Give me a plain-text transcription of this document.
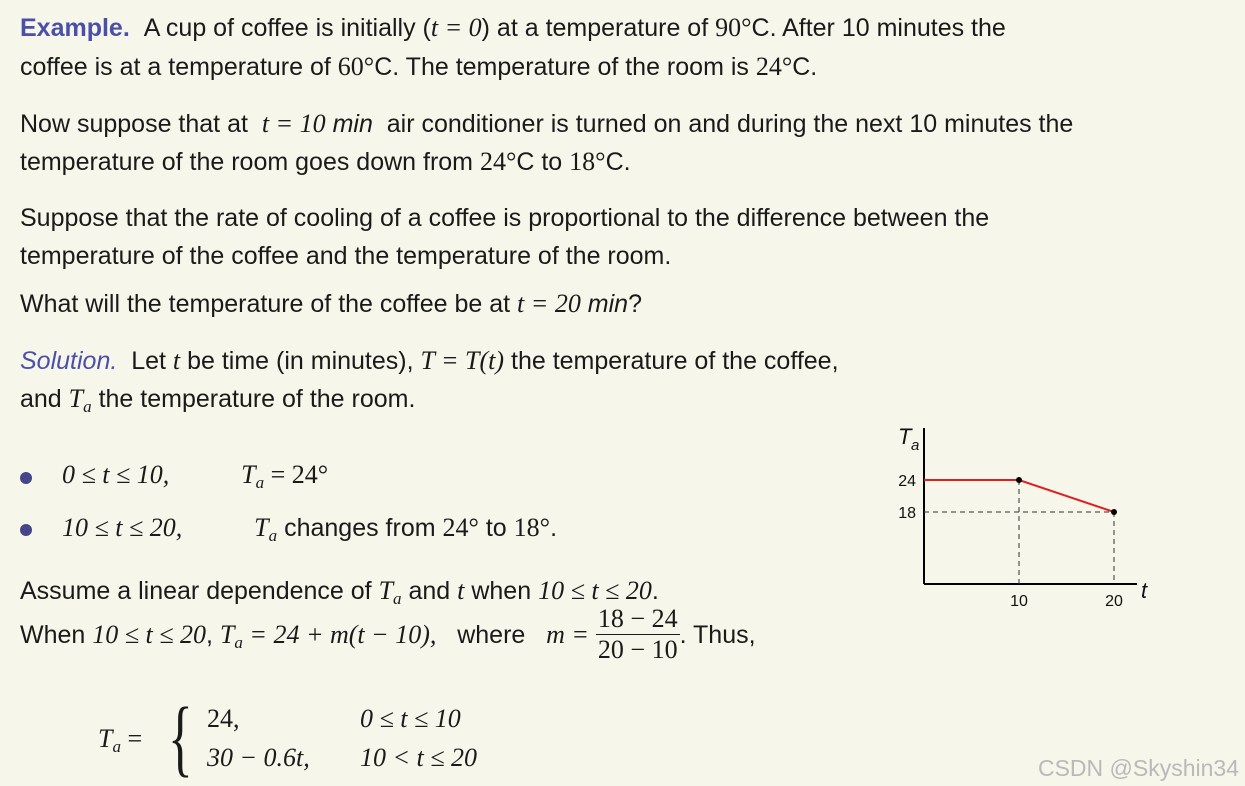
Example. A cup of coffee is initially (t = 0) at a temperature of 90°C. After 10 minutes the
coffee is at a temperature of 60°C. The temperature of the room is 24°C.
Now suppose that at  t = 10 min  air conditioner is turned on and during the next 10 minutes the
temperature of the room goes down from 24°C to 18°C.
Suppose that the rate of cooling of a coffee is proportional to the difference between the
temperature of the coffee and the temperature of the room.
What will the temperature of the coffee be at t = 20 min?
Solution. Let t be time (in minutes), T = T(t) the temperature of the coffee,
and $T_a$ the temperature of the room.
0 ≤ t ≤ 10,	$T_a = 24^\circ$
10 ≤ t ≤ 20,	$T_a$ changes from 24° to 18°.
Assume a linear dependence of $T_a$ and t when 10 ≤ t ≤ 20.
When 10 ≤ t ≤ 20, $T_a = 24 + m(t - 10)$, where $m = \frac{18 - 24}{20 - 10}$ . Thus,
$T_a$ = { 24,	0 ≤ t ≤ 10
30 − 0.6t, 10 < t ≤ 20
24
18
10	20 t
T a
CSDN @Skyshin34
